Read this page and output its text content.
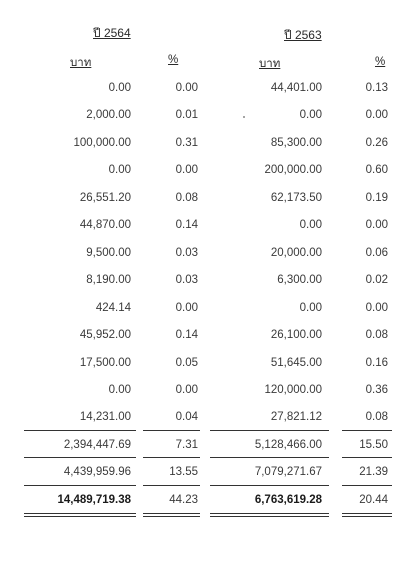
ปี 2564	ปี 2563
บาท	%	บาท	%
0.00	0.00	44,401.00	0.13
2,000.00	0.01	0.00	0.00
100,000.00	0.31	85,300.00	0.26
0.00	0.00	200,000.00	0.60
26,551.20	0.08	62,173.50	0.19
44,870.00	0.14	0.00	0.00
9,500.00	0.03	20,000.00	0.06
8,190.00	0.03	6,300.00	0.02
424.14	0.00	0.00	0.00
45,952.00	0.14	26,100.00	0.08
17,500.00	0.05	51,645.00	0.16
0.00	0.00	120,000.00	0.36
14,231.00	0.04	27,821.12	0.08
2,394,447.69	7.31	5,128,466.00	15.50
4,439,959.96	13.55	7,079,271.67	21.39
14,489,719.38	44.23	6,763,619.28	20.44
